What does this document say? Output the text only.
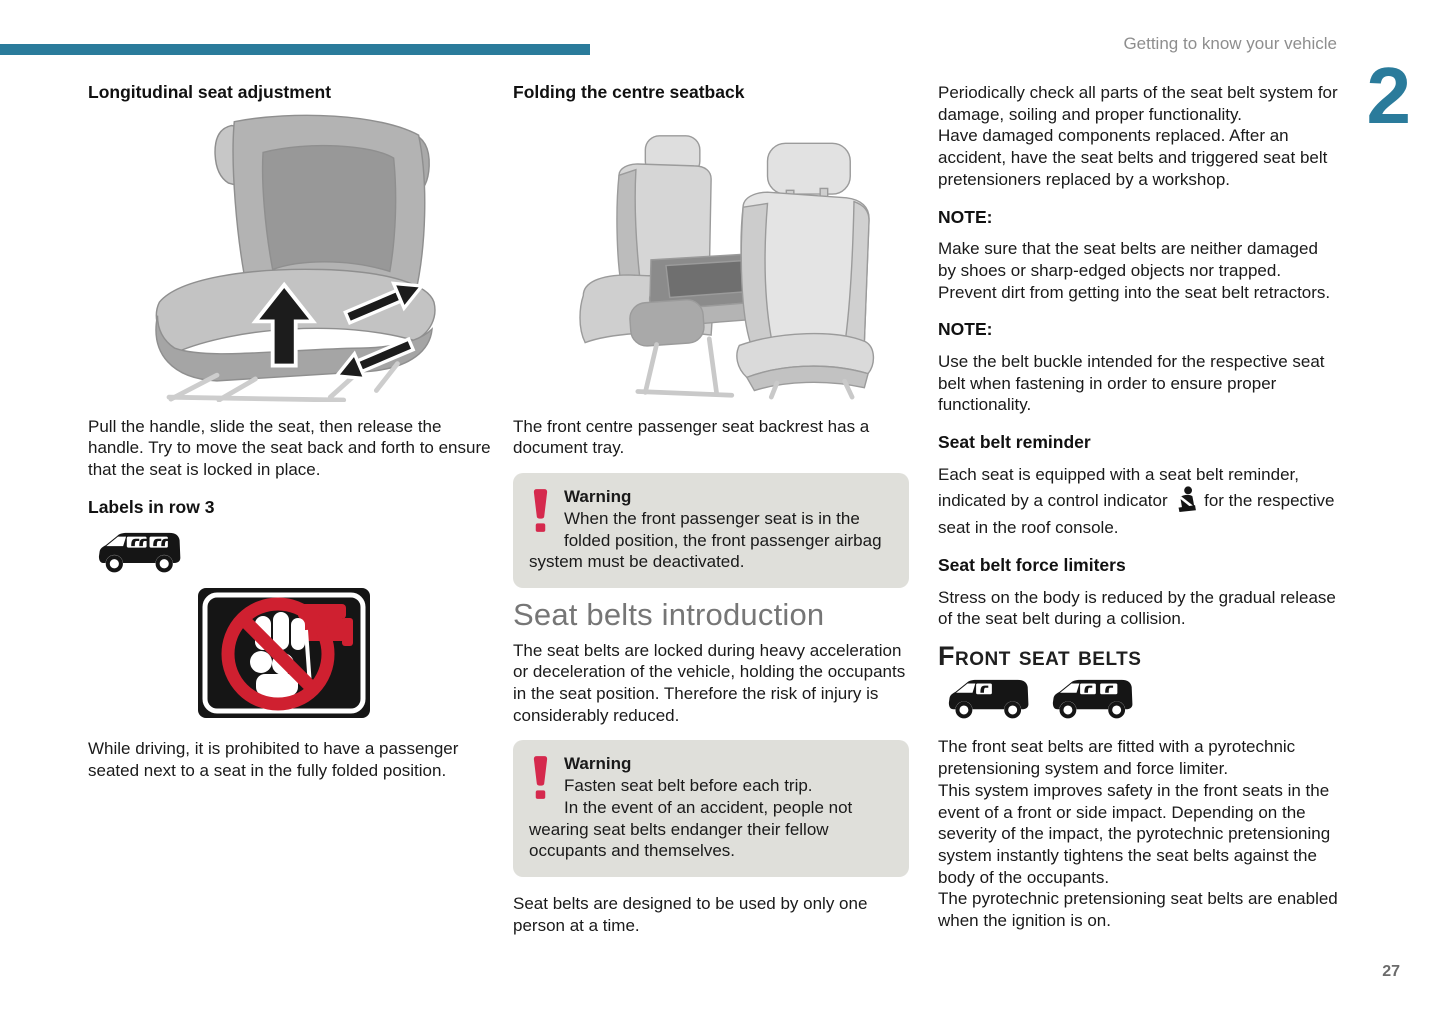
Getting to know your vehicle
2
Longitudinal seat adjustment

Pull the handle, slide the seat, then release the handle. Try to move the seat back and forth to ensure that the seat is locked in place.

Labels in row 3

While driving, it is prohibited to have a passenger seated next to a seat in the fully folded position.

Folding the centre seatback

The front centre passenger seat backrest has a document tray.

Warning
When the front passenger seat is in the folded position, the front passenger airbag system must be deactivated.
Seat belts introduction

The seat belts are locked during heavy acceleration or deceleration of the vehicle, holding the occupants in the seat position. Therefore the risk of injury is considerably reduced.

Warning
Fasten seat belt before each trip.
In the event of an accident, people not wearing seat belts endanger their fellow occupants and themselves.

Seat belts are designed to be used by only one person at a time.

Periodically check all parts of the seat belt system for damage, soiling and proper functionality.
Have damaged components replaced. After an accident, have the seat belts and triggered seat belt pretensioners replaced by a workshop.

NOTE:

Make sure that the seat belts are neither damaged by shoes or sharp-edged objects nor trapped. Prevent dirt from getting into the seat belt retractors.

NOTE:

Use the belt buckle intended for the respective seat belt when fastening in order to ensure proper functionality.

Seat belt reminder

Each seat is equipped with a seat belt reminder, indicated by a control indicator for the respective seat in the roof console.

Seat belt force limiters

Stress on the body is reduced by the gradual release of the seat belt during a collision.

Front seat belts

The front seat belts are fitted with a pyrotechnic pretensioning system and force limiter.
This system improves safety in the front seats in the event of a front or side impact. Depending on the severity of the impact, the pyrotechnic pretensioning system instantly tightens the seat belts against the body of the occupants.
The pyrotechnic pretensioning seat belts are enabled when the ignition is on.

27
